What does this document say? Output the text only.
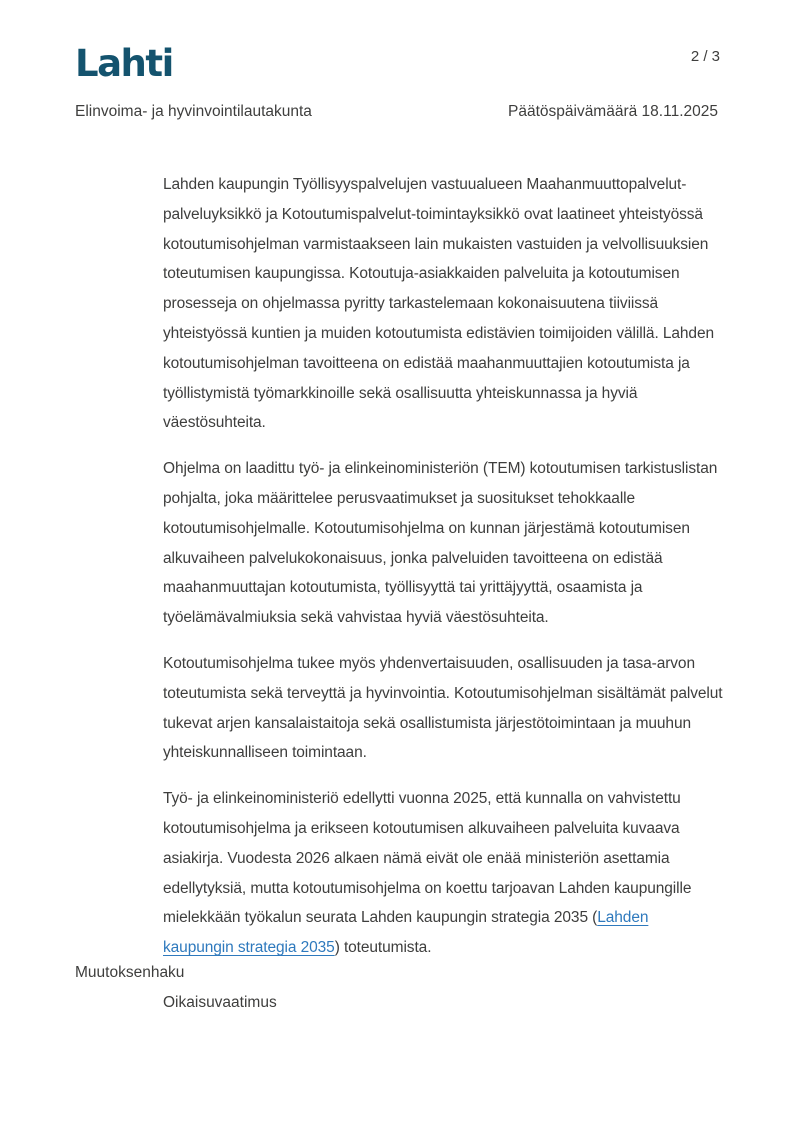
Lahti	2 / 3
Elinvoima- ja hyvinvointilautakunta	Päätöspäivämäärä 18.11.2025

Lahden kaupungin Työllisyyspalvelujen vastuualueen Maahanmuuttopalvelut-palveluyksikkö ja Kotoutumispalvelut-toimintayksikkö ovat laatineet yhteistyössä kotoutumisohjelman varmistaakseen lain mukaisten vastuiden ja velvollisuuksien toteutumisen kaupungissa. Kotoutuja-asiakkaiden palveluita ja kotoutumisen prosesseja on ohjelmassa pyritty tarkastelemaan kokonaisuutena tiiviissä yhteistyössä kuntien ja muiden kotoutumista edistävien toimijoiden välillä. Lahden kotoutumisohjelman tavoitteena on edistää maahanmuuttajien kotoutumista ja työllistymistä työmarkkinoille sekä osallisuutta yhteiskunnassa ja hyviä väestösuhteita.

Ohjelma on laadittu työ- ja elinkeinoministeriön (TEM) kotoutumisen tarkistuslistan pohjalta, joka määrittelee perusvaatimukset ja suositukset tehokkaalle kotoutumisohjelmalle. Kotoutumisohjelma on kunnan järjestämä kotoutumisen alkuvaiheen palvelukokonaisuus, jonka palveluiden tavoitteena on edistää maahanmuuttajan kotoutumista, työllisyyttä tai yrittäjyyttä, osaamista ja työelämävalmiuksia sekä vahvistaa hyviä väestösuhteita.

Kotoutumisohjelma tukee myös yhdenvertaisuuden, osallisuuden ja tasa-arvon toteutumista sekä terveyttä ja hyvinvointia. Kotoutumisohjelman sisältämät palvelut tukevat arjen kansalaistaitoja sekä osallistumista järjestötoimintaan ja muuhun yhteiskunnalliseen toimintaan.

Työ- ja elinkeinoministeriö edellytti vuonna 2025, että kunnalla on vahvistettu kotoutumisohjelma ja erikseen kotoutumisen alkuvaiheen palveluita kuvaava asiakirja. Vuodesta 2026 alkaen nämä eivät ole enää ministeriön asettamia edellytyksiä, mutta kotoutumisohjelma on koettu tarjoavan Lahden kaupungille mielekkään työkalun seurata Lahden kaupungin strategia 2035 (Lahden kaupungin strategia 2035) toteutumista.

Muutoksenhaku
Oikaisuvaatimus
